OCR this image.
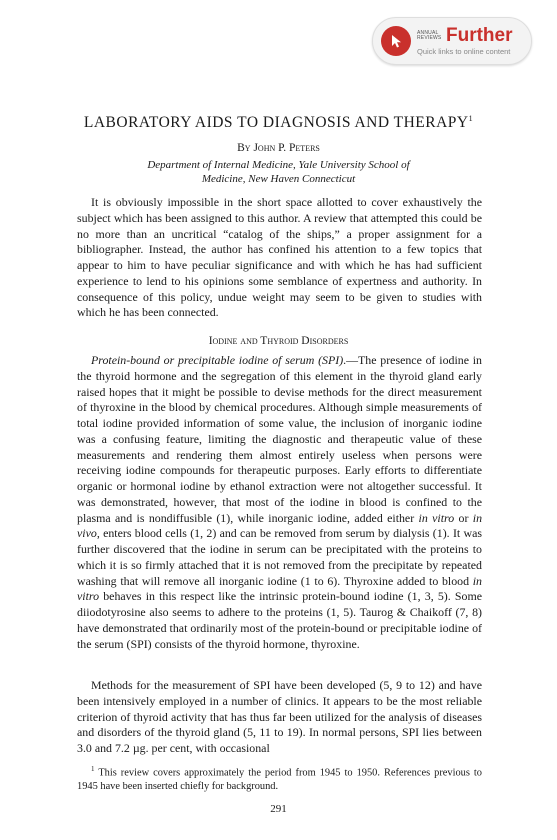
ANNUAL REVIEWS Further
Quick links to online content
LABORATORY AIDS TO DIAGNOSIS AND THERAPY$^1$
By John P. Peters
Department of Internal Medicine, Yale University School of
Medicine, New Haven Connecticut

It is obviously impossible in the short space allotted to cover exhaustively the subject which has been assigned to this author. A review that attempted this could be no more than an uncritical “catalog of the ships,” a proper assignment for a bibliographer. Instead, the author has confined his attention to a few topics that appear to him to have peculiar significance and with which he has had sufficient experience to lend to his opinions some semblance of expertness and authority. In consequence of this policy, undue weight may seem to be given to studies with which he has been connected.

Iodine and Thyroid Disorders

Protein-bound or precipitable iodine of serum (SPI).—The presence of iodine in the thyroid hormone and the segregation of this element in the thyroid gland early raised hopes that it might be possible to devise methods for the direct measurement of thyroxine in the blood by chemical procedures. Although simple measurements of total iodine provided information of some value, the inclusion of inorganic iodine was a confusing feature, limiting the diagnostic and therapeutic value of these measurements and rendering them almost entirely useless when persons were receiving iodine compounds for therapeutic purposes. Early efforts to differentiate organic or hormonal iodine by ethanol extraction were not altogether successful. It was demonstrated, however, that most of the iodine in blood is confined to the plasma and is nondiffusible (1), while inorganic iodine, added either in vitro or in vivo, enters blood cells (1, 2) and can be removed from serum by dialysis (1). It was further discovered that the iodine in serum can be precipitated with the proteins to which it is so firmly attached that it is not removed from the precipitate by repeated washing that will remove all inorganic iodine (1 to 6). Thyroxine added to blood in vitro behaves in this respect like the intrinsic protein-bound iodine (1, 3, 5). Some diiodotyrosine also seems to adhere to the proteins (1, 5). Taurog & Chaikoff (7, 8) have demonstrated that ordinarily most of the protein-bound or precipitable iodine of the serum (SPI) consists of the thyroid hormone, thyroxine.

Methods for the measurement of SPI have been developed (5, 9 to 12) and have been intensively employed in a number of clinics. It appears to be the most reliable criterion of thyroid activity that has thus far been utilized for the analysis of diseases and disorders of the thyroid gland (5, 11 to 19). In normal persons, SPI lies between 3.0 and 7.2 µg. per cent, with occasional

$^1$ This review covers approximately the period from 1945 to 1950. References previous to 1945 have been inserted chiefly for background.

291
